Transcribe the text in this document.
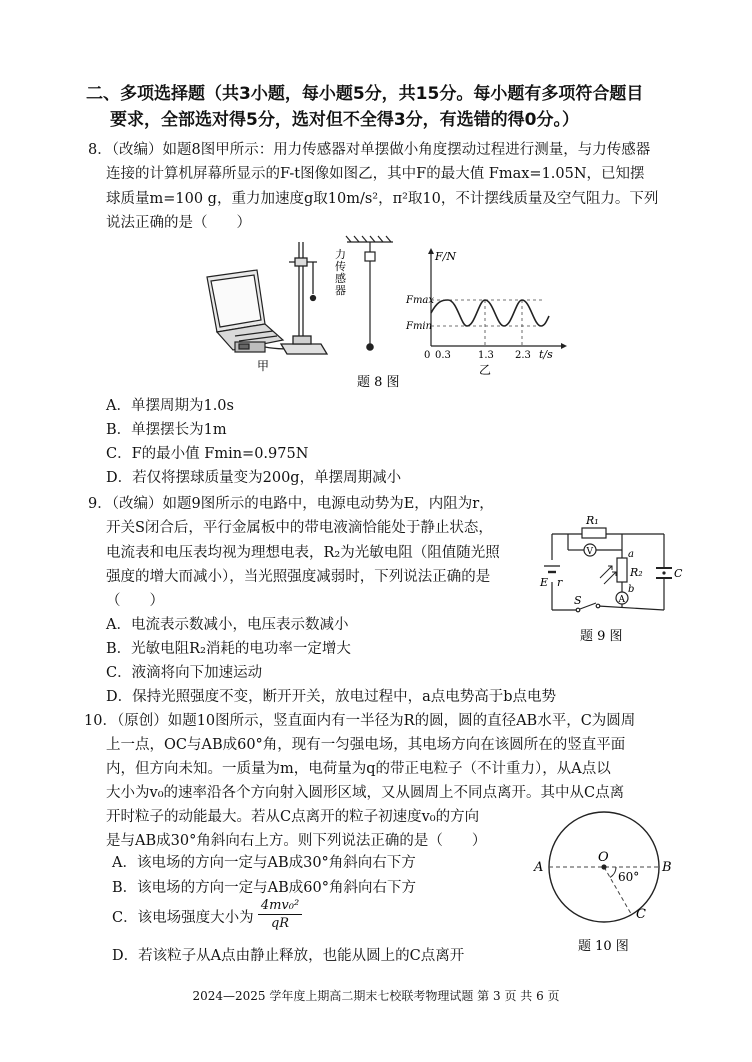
二、多项选择题（共3小题，每小题5分，共15分。每小题有多项符合题目
要求，全部选对得5分，选对但不全得3分，有选错的得0分。）
8．（改编）如题8图甲所示：用力传感器对单摆做小角度摆动过程进行测量，与力传感器
连接的计算机屏幕所显示的F-t图像如图乙，其中F的最大值 Fmax=1.05N，已知摆
球质量m=100 g，重力加速度g取10m/s²，π²取10，不计摆线质量及空气阻力。下列
说法正确的是（　　）
力
传
感
器
甲
F/N
t/s
Fmax
Fmin
0 0.3	1.3 2.3
乙
题 8 图
A．单摆周期为1.0s
B．单摆摆长为1m
C．F的最小值 Fmin=0.975N
D．若仅将摆球质量变为200g，单摆周期减小
9．（改编）如题9图所示的电路中，电源电动势为E，内阻为r，
开关S闭合后，平行金属板中的带电液滴恰能处于静止状态，
电流表和电压表均视为理想电表，R₂为光敏电阻（阻值随光照
强度的增大而减小），当光照强度减弱时，下列说法正确的是
（　　）
A．电流表示数减小，电压表示数减小
B．光敏电阻R₂消耗的电功率一定增大
C．液滴将向下加速运动
D．保持光照强度不变，断开开关，放电过程中，a点电势高于b点电势
R₁
V
R₂
a
b
A
E r
C
S
题 9 图
10．（原创）如题10图所示，竖直面内有一半径为R的圆，圆的直径AB水平，C为圆周
上一点，OC与AB成60°角，现有一匀强电场，其电场方向在该圆所在的竖直平面
内，但方向未知。一质量为m，电荷量为q的带正电粒子（不计重力），从A点以
大小为v₀的速率沿各个方向射入圆形区域，又从圆周上不同点离开。其中从C点离
开时粒子的动能最大。若从C点离开的粒子初速度v₀的方向
是与AB成30°角斜向右上方。则下列说法正确的是（　　）
A．该电场的方向一定与AB成30°角斜向右下方
B．该电场的方向一定与AB成60°角斜向右下方
C．该电场强度大小为 $\frac{\text{4mv₀²}}{qR}$
D．若该粒子从A点由静止释放，也能从圆上的C点离开
A	B
C
O
60°
题 10 图
2024—2025 学年度上期高二期末七校联考物理试题 第 3 页 共 6 页
